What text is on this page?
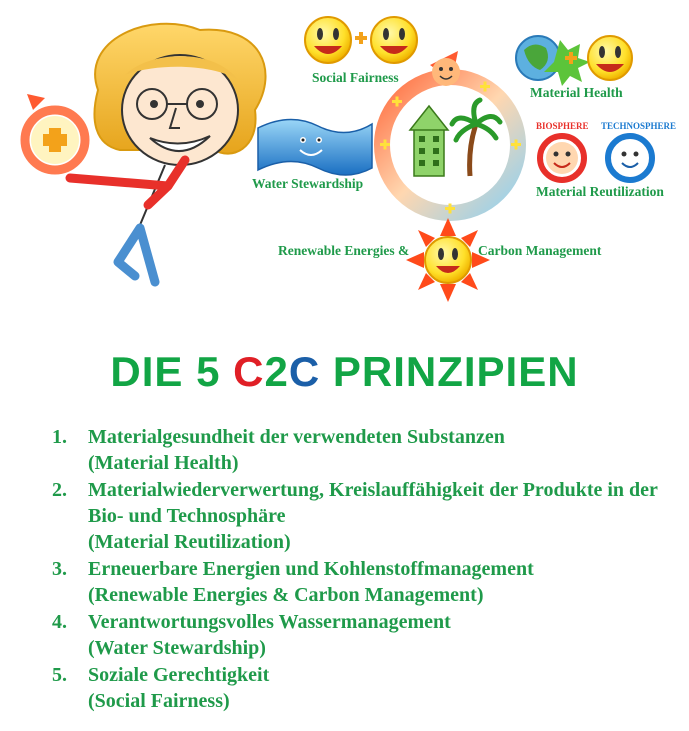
Social Fairness
Material Health
Water Stewardship
Material Reutilization
Renewable Energies &	Carbon Management
BIOSPHERE TECHNOSPHERE
DIE 5 C2C PRINZIPIEN
1. Materialgesundheit der verwendeten Substanzen
(Material Health)
2. Materialwiederverwertung, Kreislauffähigkeit der Produkte in der Bio- und Technosphäre
(Material Reutilization)
3. Erneuerbare Energien und Kohlenstoffmanagement
(Renewable Energies & Carbon Management)
4. Verantwortungsvolles Wassermanagement
(Water Stewardship)
5. Soziale Gerechtigkeit
(Social Fairness)
